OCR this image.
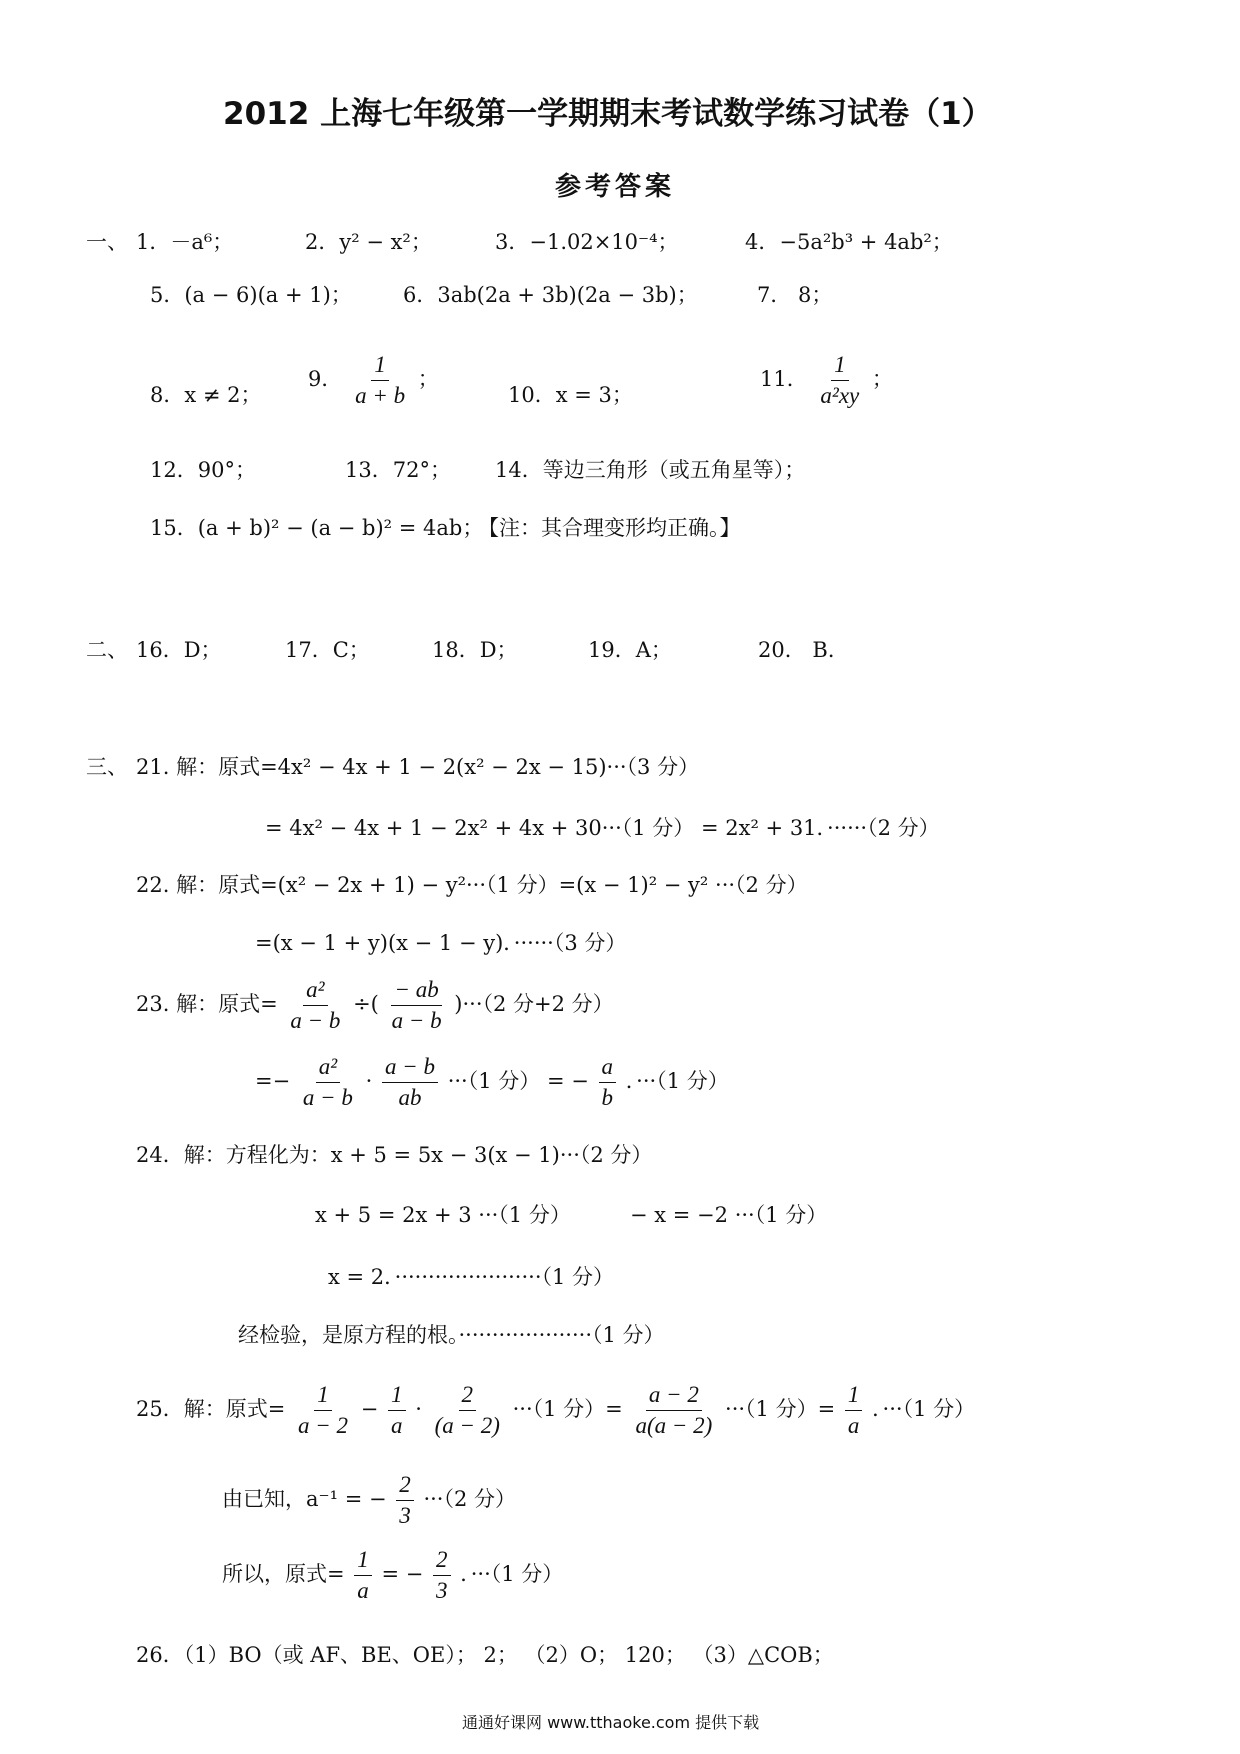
2012 上海七年级第一学期期末考试数学练习试卷（1）
参考答案
一、 1．－a⁶；	2．y² − x²；	3．−1.02×10⁻⁴；	4．−5a²b³ + 4ab²；
5．(a − 6)(a + 1)； 6．3ab(2a + 3b)(2a − 3b)；	7． 8；
8．x ≠ 2；
9． $\frac{1}{a + b}$ ；
10．x = 3；
11． $\frac{1}{\text{a²xy}}$ ；
12．90°；	13．72°； 14．等边三角形（或五角星等）；
15．(a + b)² − (a − b)² = 4ab；
【注：其合理变形均正确。】
二、 16．D；	17．C；	18．D；	19．A；	20． B．
三、 21. 解：原式=4x² − 4x + 1 − 2(x² − 2x − 15)···（3 分）
= 4x² − 4x + 1 − 2x² + 4x + 30···（1 分） = 2x² + 31．······（2 分）
22. 解：原式=(x² − 2x + 1) − y²···（1 分）=(x − 1)² − y² ···（2 分）
=(x − 1 + y)(x − 1 − y)．······（3 分）
23. 解：原式= $\frac{\text{a²}}{a - b}$ ÷( $\frac{- ab}{a - b} )\cdot\cdot\cdot(2$ 分+2 分）
=− $\frac{\text{a²}}{a - b} \cdot \frac{a - b}{ab} \cdot\cdot\cdot(1$ 分） = − $\frac{a}{b}$ ．···（1 分）
24．解：方程化为：x + 5 = 5x − 3(x − 1)···（2 分）
x + 5 = 2x + 3 ···（1 分）	− x = −2 ···（1 分）
x = 2．······················（1 分）
经检验，是原方程的根。····················（1 分）
25．解：原式= $\frac{1}{a - 2} - \frac{1}{a} \cdot \frac{2}{(a - 2)} \cdot\cdot\cdot(1$ 分）= $\frac{a - 2}{a(a - 2)} \cdot\cdot\cdot(1$ 分）= $\frac{1}{a}$ ．···（1 分）
由已知，a⁻¹ = − $\frac{2}{3} \cdot\cdot\cdot(2$ 分）
所以，原式= $\frac{1}{a}$ = − $\frac{2}{3}$ ．···（1 分）
26．（1）BO（或 AF、BE、OE）； 2； （2）O； 120； （3）△COB；
通通好课网 www.tthaoke.com 提供下载
